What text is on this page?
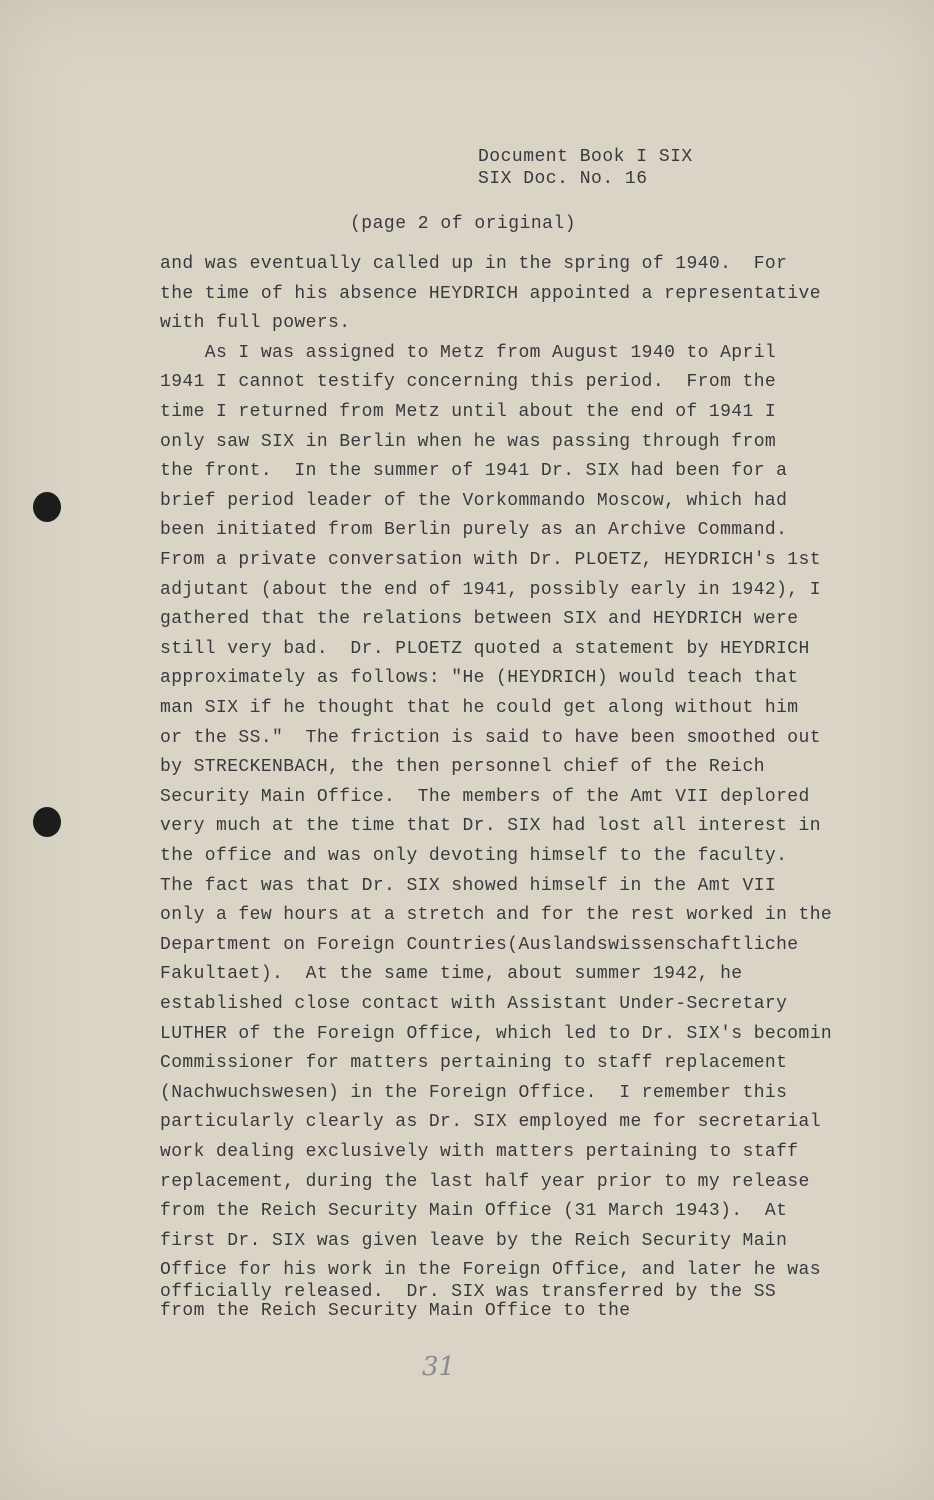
Document Book I SIX
SIX Doc. No. 16
(page 2 of original)
and was eventually called up in the spring of 1940.  For
the time of his absence HEYDRICH appointed a representative
with full powers.
As I was assigned to Metz from August 1940 to April
1941 I cannot testify concerning this period.  From the
time I returned from Metz until about the end of 1941 I
only saw SIX in Berlin when he was passing through from
the front.  In the summer of 1941 Dr. SIX had been for a
brief period leader of the Vorkommando Moscow, which had
been initiated from Berlin purely as an Archive Command.
From a private conversation with Dr. PLOETZ, HEYDRICH's 1st
adjutant (about the end of 1941, possibly early in 1942), I
gathered that the relations between SIX and HEYDRICH were
still very bad.  Dr. PLOETZ quoted a statement by HEYDRICH
approximately as follows: "He (HEYDRICH) would teach that
man SIX if he thought that he could get along without him
or the SS."  The friction is said to have been smoothed out
by STRECKENBACH, the then personnel chief of the Reich
Security Main Office.  The members of the Amt VII deplored
very much at the time that Dr. SIX had lost all interest in
the office and was only devoting himself to the faculty.
The fact was that Dr. SIX showed himself in the Amt VII
only a few hours at a stretch and for the rest worked in the
Department on Foreign Countries(Auslandswissenschaftliche
Fakultaet).  At the same time, about summer 1942, he
established close contact with Assistant Under-Secretary
LUTHER of the Foreign Office, which led to Dr. SIX's becomin
Commissioner for matters pertaining to staff replacement
(Nachwuchswesen) in the Foreign Office.  I remember this
particularly clearly as Dr. SIX employed me for secretarial
work dealing exclusively with matters pertaining to staff
replacement, during the last half year prior to my release
from the Reich Security Main Office (31 March 1943).  At
first Dr. SIX was given leave by the Reich Security Main
Office for his work in the Foreign Office, and later he was
officially released.  Dr. SIX was transferred by the SS
from the Reich Security Main Office to the
31
